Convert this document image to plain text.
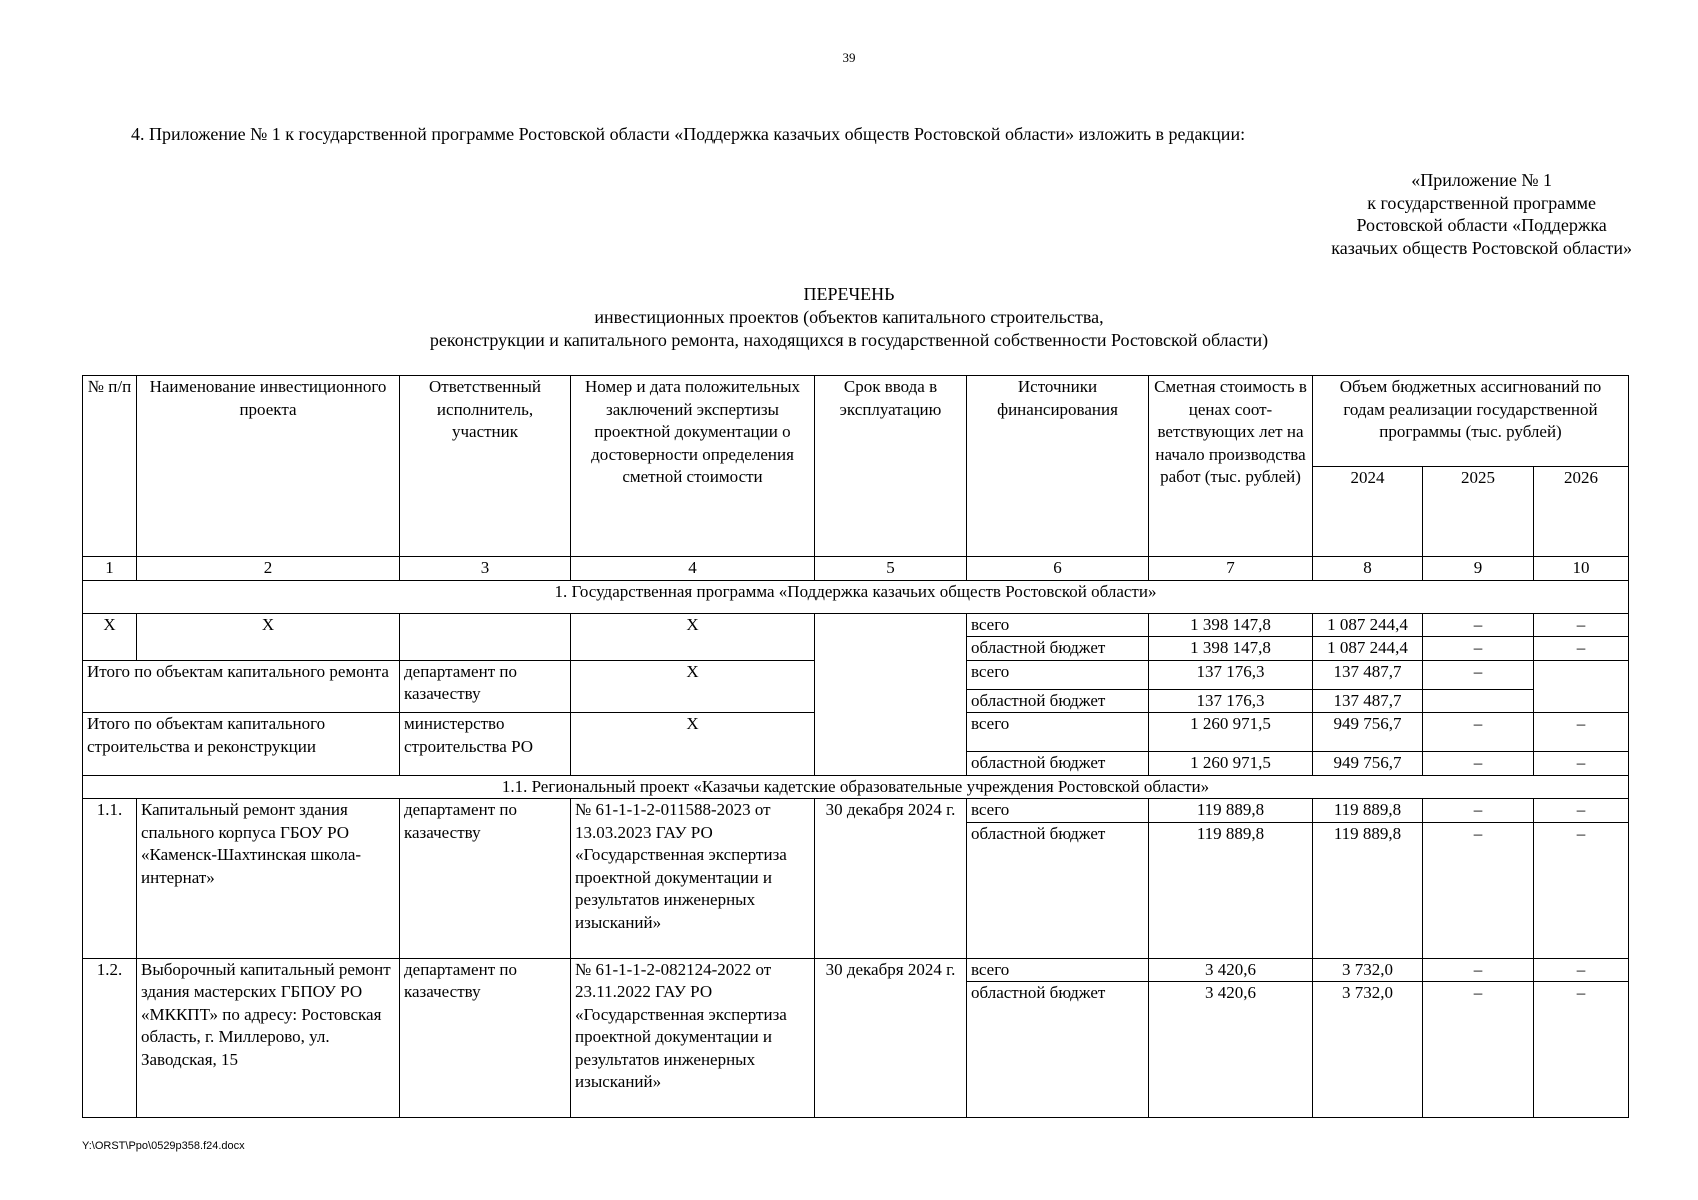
39
4. Приложение № 1 к государственной программе Ростовской области «Поддержка казачьих обществ Ростовской области» изложить в редакции:
«Приложение № 1
к государственной программе
Ростовской области «Поддержка
казачьих обществ Ростовской области»
ПЕРЕЧЕНЬ
инвестиционных проектов (объектов капитального строительства,
реконструкции и капитального ремонта, находящихся в государственной собственности Ростовской области)
№ п/п	Наименование инвестиционного проекта	Ответственный исполнитель, участник	Номер и дата положительных заключений экспертизы проектной документации о достоверности определения сметной стоимости	Срок ввода в эксплуатацию	Источники финансирования	Сметная стоимость в ценах соот-ветствующих лет на начало производства работ (тыс. рублей)	Объем бюджетных ассигнований по годам реализации государственной программы (тыс. рублей)		
							2024	2025	2026
1	2	3	4	5	6	7	8	9	10
1. Государственная программа «Поддержка казачьих обществ Ростовской области»									
Х	Х		Х		всего	1 398 147,8	1 087 244,4	–	–
					областной бюджет	1 398 147,8	1 087 244,4	–	–
Итого по объектам капитального ремонта		департамент по казачеству	Х		всего	137 176,3	137 487,7	–	
					областной бюджет	137 176,3	137 487,7		
Итого по объектам капитального строительства и реконструкции		министерство строительства РО	Х		всего	1 260 971,5	949 756,7	–	–
					областной бюджет	1 260 971,5	949 756,7	–	–
1.1. Региональный проект «Казачьи кадетские образовательные учреждения Ростовской области»									
1.1.	Капитальный ремонт здания спального корпуса ГБОУ РО «Каменск-Шахтинская школа-интернат»	департамент по казачеству	№ 61-1-1-2-011588-2023 от 13.03.2023 ГАУ РО «Государственная экспертиза проектной документации и результатов инженерных изысканий»	30 декабря 2024 г.	всего	119 889,8	119 889,8	–	–
					областной бюджет	119 889,8	119 889,8	–	–
1.2.	Выборочный капитальный ремонт здания мастерских ГБПОУ РО «МККПТ» по адресу: Ростовская область, г. Миллерово, ул. Заводская, 15	департамент по казачеству	№ 61-1-1-2-082124-2022 от 23.11.2022 ГАУ РО «Государственная экспертиза проектной документации и результатов инженерных изысканий»	30 декабря 2024 г.	всего	3 420,6	3 732,0	–	–
					областной бюджет	3 420,6	3 732,0	–	–
Y:\ORST\Ppo\0529p358.f24.docx
